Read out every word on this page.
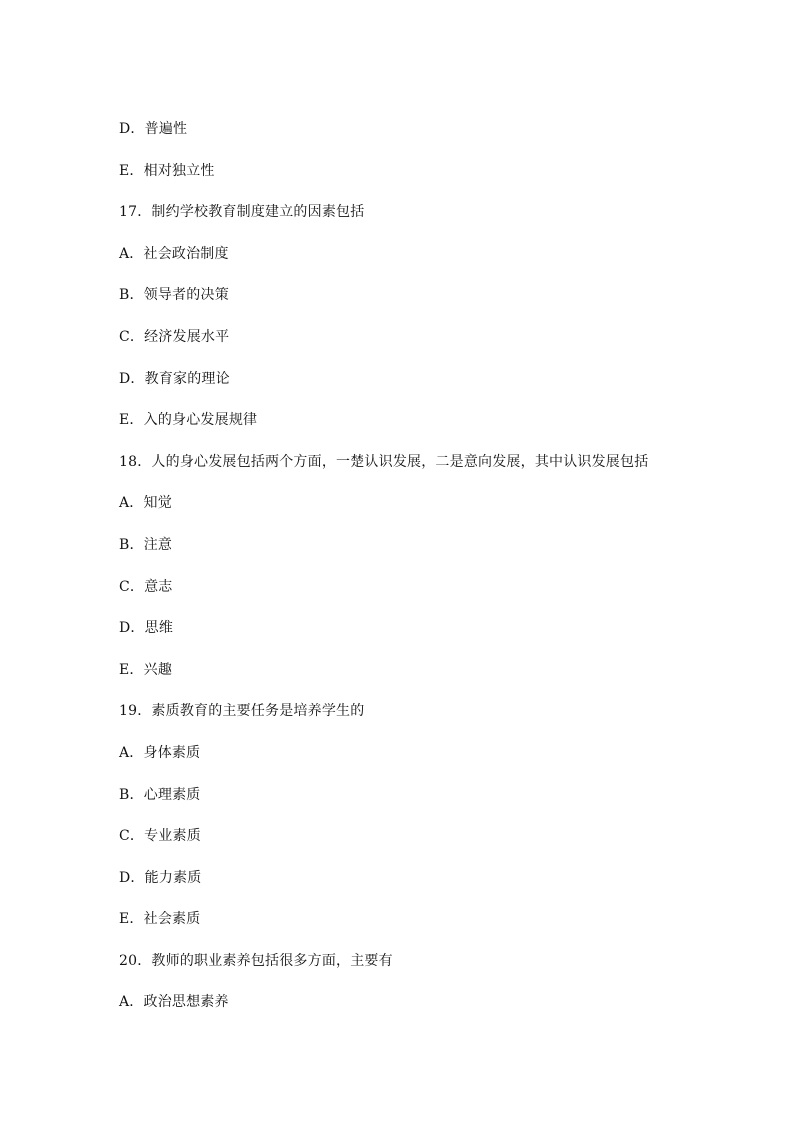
D．普遍性
E．相对独立性
17．制约学校教育制度建立的因素包括
A．社会政治制度
B．领导者的决策
C．经济发展水平
D．教育家的理论
E．入的身心发展规律
18．人的身心发展包括两个方面，一楚认识发展，二是意向发展，其中认识发展包括
A．知觉
B．注意
C．意志
D．思维
E．兴趣
19．素质教育的主要任务是培养学生的
A．身体素质
B．心理素质
C．专业素质
D．能力素质
E．社会素质
20．教师的职业素养包括很多方面，主要有
A．政治思想素养
